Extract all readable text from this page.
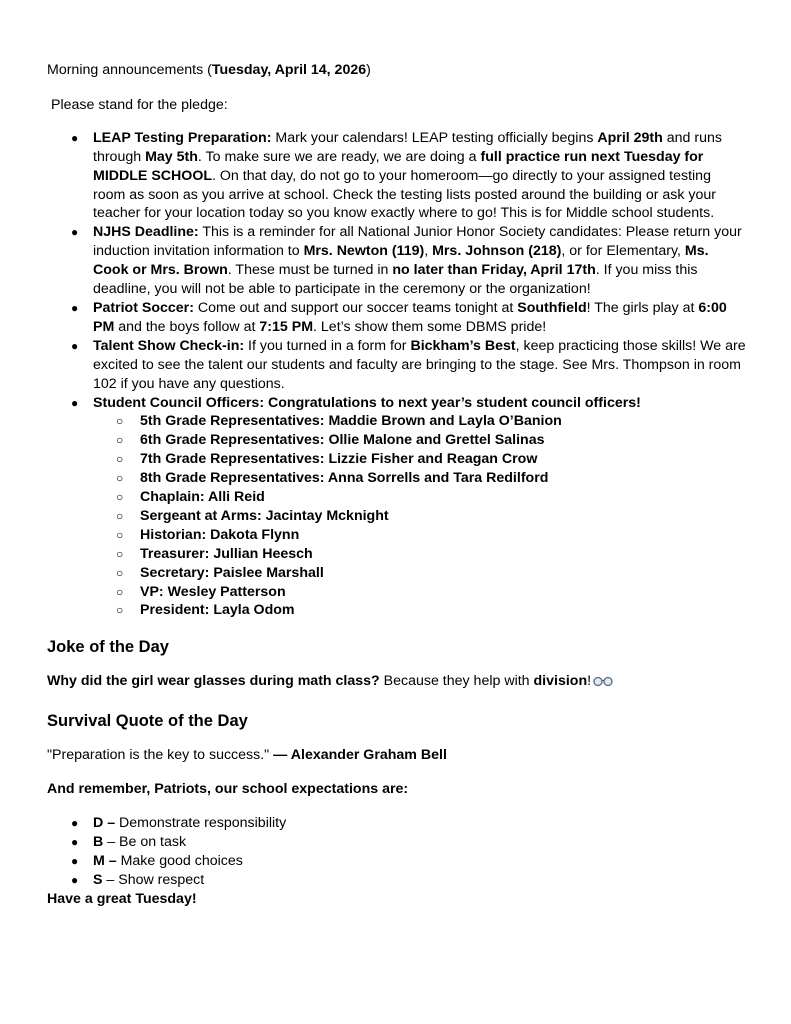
Morning announcements (Tuesday, April 14, 2026)

Please stand for the pledge:

● LEAP Testing Preparation: Mark your calendars! LEAP testing officially begins April 29th and runs through May 5th. To make sure we are ready, we are doing a full practice run next Tuesday for MIDDLE SCHOOL. On that day, do not go to your homeroom—go directly to your assigned testing room as soon as you arrive at school. Check the testing lists posted around the building or ask your teacher for your location today so you know exactly where to go! This is for Middle school students.
● NJHS Deadline: This is a reminder for all National Junior Honor Society candidates: Please return your induction invitation information to Mrs. Newton (119), Mrs. Johnson (218), or for Elementary, Ms. Cook or Mrs. Brown. These must be turned in no later than Friday, April 17th. If you miss this deadline, you will not be able to participate in the ceremony or the organization!
● Patriot Soccer: Come out and support our soccer teams tonight at Southfield! The girls play at 6:00 PM and the boys follow at 7:15 PM. Let’s show them some DBMS pride!
● Talent Show Check-in: If you turned in a form for Bickham’s Best, keep practicing those skills! We are excited to see the talent our students and faculty are bringing to the stage. See Mrs. Thompson in room 102 if you have any questions.
● Student Council Officers: Congratulations to next year’s student council officers!
○ 5th Grade Representatives: Maddie Brown and Layla O’Banion
○ 6th Grade Representatives: Ollie Malone and Grettel Salinas
○ 7th Grade Representatives: Lizzie Fisher and Reagan Crow
○ 8th Grade Representatives: Anna Sorrells and Tara Redilford
○ Chaplain: Alli Reid
○ Sergeant at Arms: Jacintay Mcknight
○ Historian: Dakota Flynn
○ Treasurer: Jullian Heesch
○ Secretary: Paislee Marshall
○ VP: Wesley Patterson
○ President: Layla Odom
Joke of the Day

Why did the girl wear glasses during math class? Because they help with division!

Survival Quote of the Day

"Preparation is the key to success." — Alexander Graham Bell

And remember, Patriots, our school expectations are:

● D – Demonstrate responsibility
● B – Be on task
● M – Make good choices
● S – Show respect

Have a great Tuesday!
